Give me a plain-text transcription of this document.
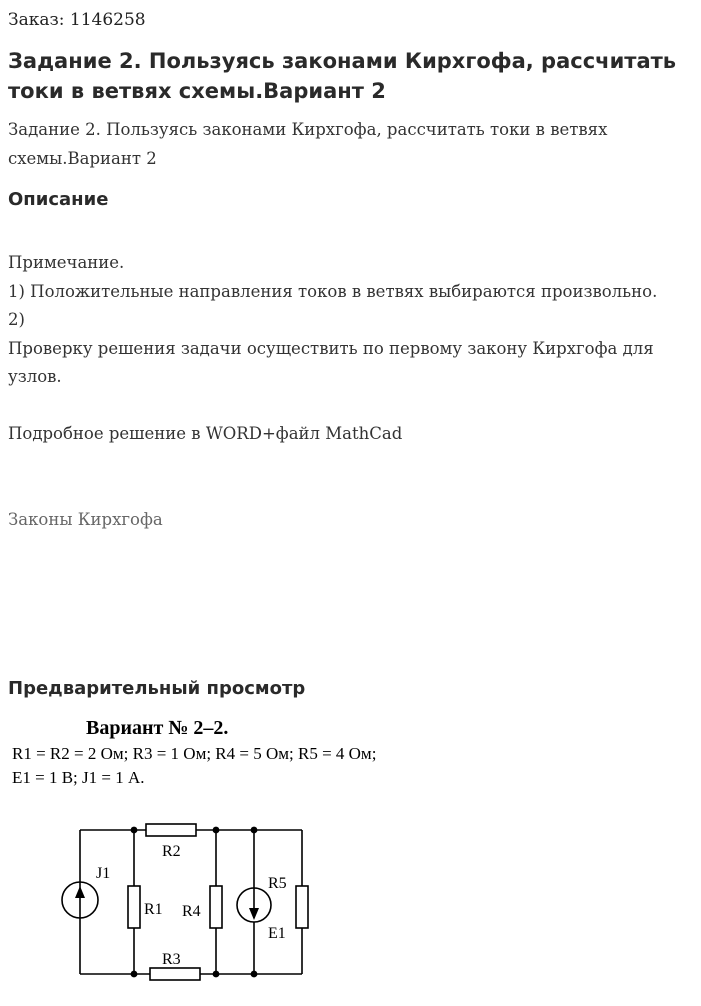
Заказ: 1146258
Задание 2. Пользуясь законами Кирхгофа, рассчитать токи в ветвях схемы.Вариант 2
Задание 2. Пользуясь законами Кирхгофа, рассчитать токи в ветвях схемы.Вариант 2
Описание
Примечание.
1) Положительные направления токов в ветвях выбираются произвольно.
2)
Проверку решения задачи осуществить по первому закону Кирхгофа для узлов.
Подробное решение в WORD+файл MathCad
Законы Кирхгофа
Предварительный просмотр
Вариант № 2–2.
R1 = R2 = 2 Ом; R3 = 1 Ом; R4 = 5 Ом; R5 = 4 Ом;
E1 = 1 В; J1 = 1 А.
J1
R2
R1 R4
R5
E1
R3
